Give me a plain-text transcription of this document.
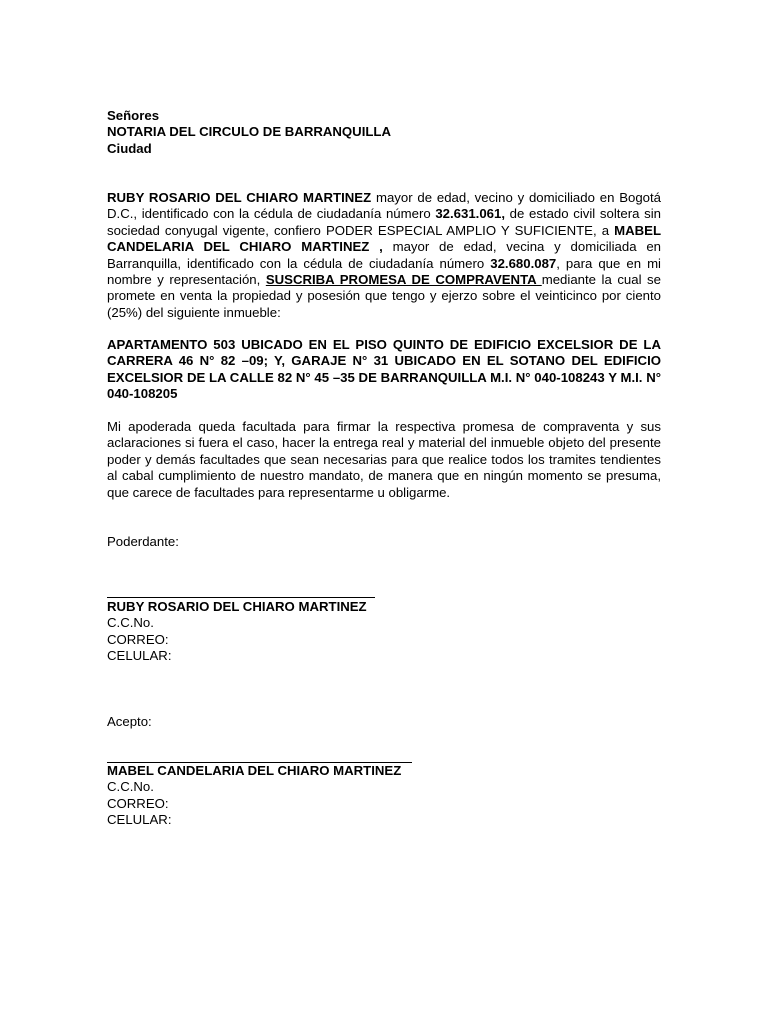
Señores
NOTARIA DEL CIRCULO DE BARRANQUILLA
Ciudad
RUBY ROSARIO DEL CHIARO MARTINEZ mayor de edad, vecino y domiciliado en Bogotá D.C., identificado con la cédula de ciudadanía número 32.631.061, de estado civil soltera sin sociedad conyugal vigente, confiero PODER ESPECIAL AMPLIO Y SUFICIENTE, a MABEL CANDELARIA DEL CHIARO MARTINEZ , mayor de edad, vecina y domiciliada en Barranquilla, identificado con la cédula de ciudadanía número 32.680.087, para que en mi nombre y representación, SUSCRIBA PROMESA DE COMPRAVENTA mediante la cual se promete en venta la propiedad y posesión que tengo y ejerzo sobre el veinticinco por ciento (25%) del siguiente inmueble:
APARTAMENTO 503 UBICADO EN EL PISO QUINTO DE EDIFICIO EXCELSIOR DE LA CARRERA 46 N° 82 –09; Y, GARAJE N° 31 UBICADO EN EL SOTANO DEL EDIFICIO EXCELSIOR DE LA CALLE 82 N° 45 –35 DE BARRANQUILLA M.I. N° 040-108243 Y M.I. N° 040-108205
Mi apoderada queda facultada para firmar la respectiva promesa de compraventa y sus aclaraciones si fuera el caso, hacer la entrega real y material del inmueble objeto del presente poder y demás facultades que sean necesarias para que realice todos los tramites tendientes al cabal cumplimiento de nuestro mandato, de manera que en ningún momento se presuma, que carece de facultades para representarme u obligarme.
Poderdante:
RUBY ROSARIO DEL CHIARO MARTINEZ
C.C.No.
CORREO:
CELULAR:
Acepto:
MABEL CANDELARIA DEL CHIARO MARTINEZ
C.C.No.
CORREO:
CELULAR:
